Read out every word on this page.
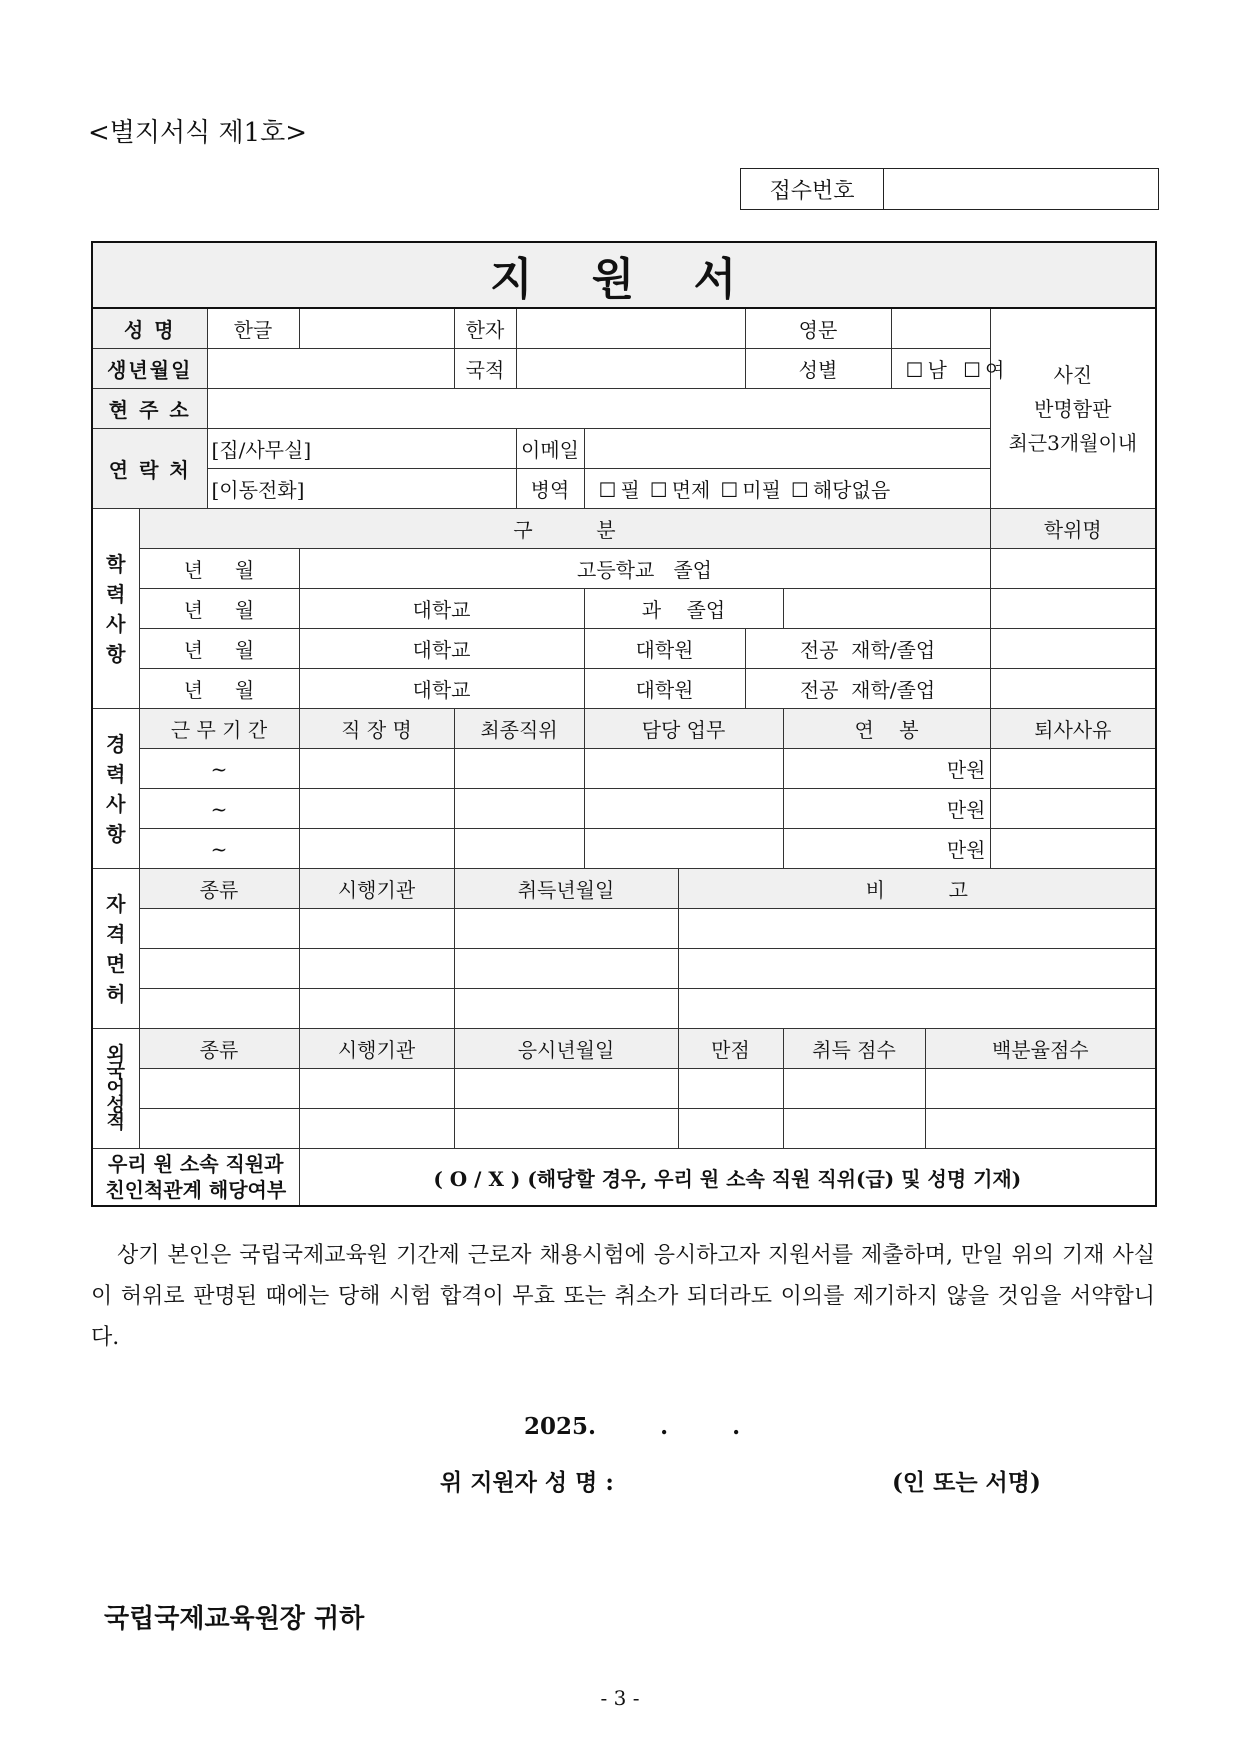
<별지서식 제1호>
접수번호	
지 원 서												
성 명		한글		한자				영문				사진
반명함판
최근3개월이내

생년월일				국적				성별		☐ 남 ☐ 여
현 주 소												
연 락 처		[집/사무실]			이메일							
		[이동전화]			병역	☐ 필 ☐ 면제 ☐ 미필 ☐ 해당없음

학
력
사
항	구          분											학위명
	년     월		고등학교   졸업									
	년     월		대학교			과    졸업						
	년     월		대학교			대학원		전공  재학/졸업				
	년     월		대학교			대학원		전공  재학/졸업				

경
력
사
항	근 무 기 간		직 장 명	최종직위		담당 업무			연    봉			퇴사사유
	~								만원			
	~								만원			
	~								만원			

자
격
면
허	종류		시행기관	취득년월일			비          고					

외
국
어
성
적	종류		시행기관	응시년월일			만점		취득 점수		백분율점수	

우리 원 소속 직원과
친인척관계 해당여부			( O / X ) (해당할 경우, 우리 원 소속 직원 직위(급) 및 성명 기재)									
상기 본인은 국립국제교육원 기간제 근로자 채용시험에 응시하고자 지원서를 제출하며, 만일 위의 기재 사실이 허위로 판명된 때에는 당해 시험 합격이 무효 또는 취소가 되더라도 이의를 제기하지 않을 것임을 서약합니다.
2025.        .        .
위 지원자 성 명 :	(인 또는 서명)
국립국제교육원장 귀하
- 3 -
